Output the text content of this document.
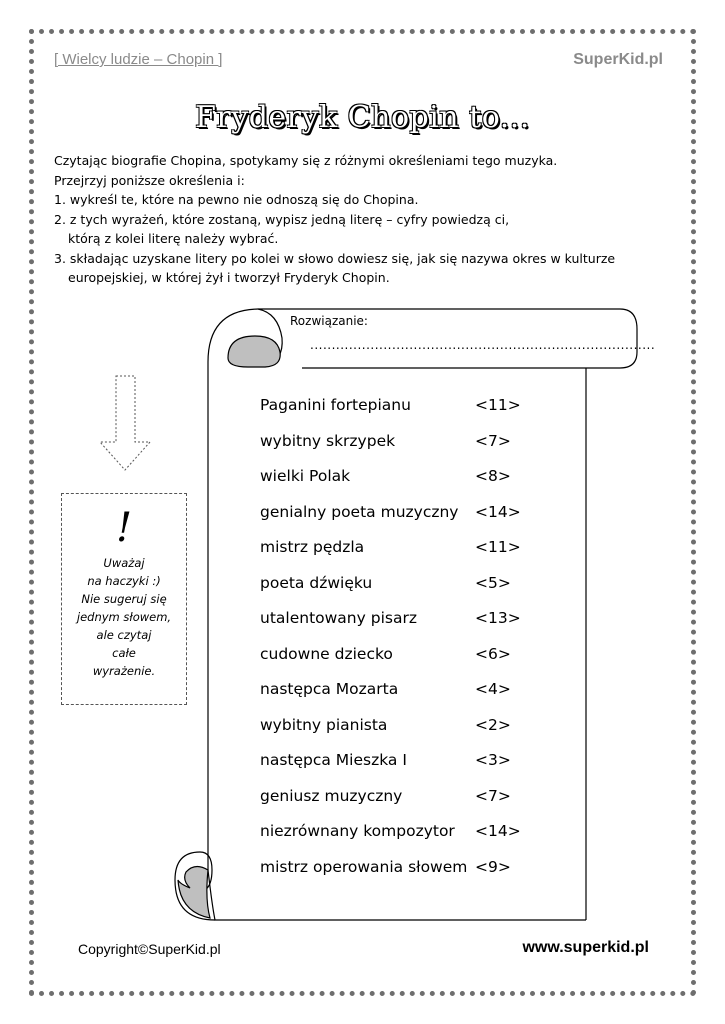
[ Wielcy ludzie – Chopin ]	SuperKid.pl
Fryderyk Chopin to...

Czytając biografie Chopina, spotykamy się z różnymi określeniami tego muzyka.

Przejrzyj poniższe określenia i:

1. wykreśl te, które na pewno nie odnoszą się do Chopina.

2. z tych wyrażeń, które zostaną, wypisz jedną literę – cyfry powiedzą ci,

którą z kolei literę należy wybrać.

3. składając uzyskane litery po kolei w słowo dowiesz się, jak się nazywa okres w kulturze

europejskiej, w której żył i tworzył Fryderyk Chopin.

Rozwiązanie:
................................................................................
Paganini fortepianu	<11>
wybitny skrzypek	<7>
wielki Polak	<8>
genialny poeta muzyczny <14>
mistrz pędzla	<11>
poeta dźwięku	<5>
utalentowany pisarz	<13>
cudowne dziecko	<6>
następca Mozarta	<4>
wybitny pianista	<2>
następca Mieszka I	<3>
geniusz muzyczny	<7>
niezrównany kompozytor <14>
mistrz operowania słowem <9>
!
Uważaj
na haczyki :)
Nie sugeruj się
jednym słowem,
ale czytaj
całe
wyrażenie.
Copyright©SuperKid.pl	www.superkid.pl
